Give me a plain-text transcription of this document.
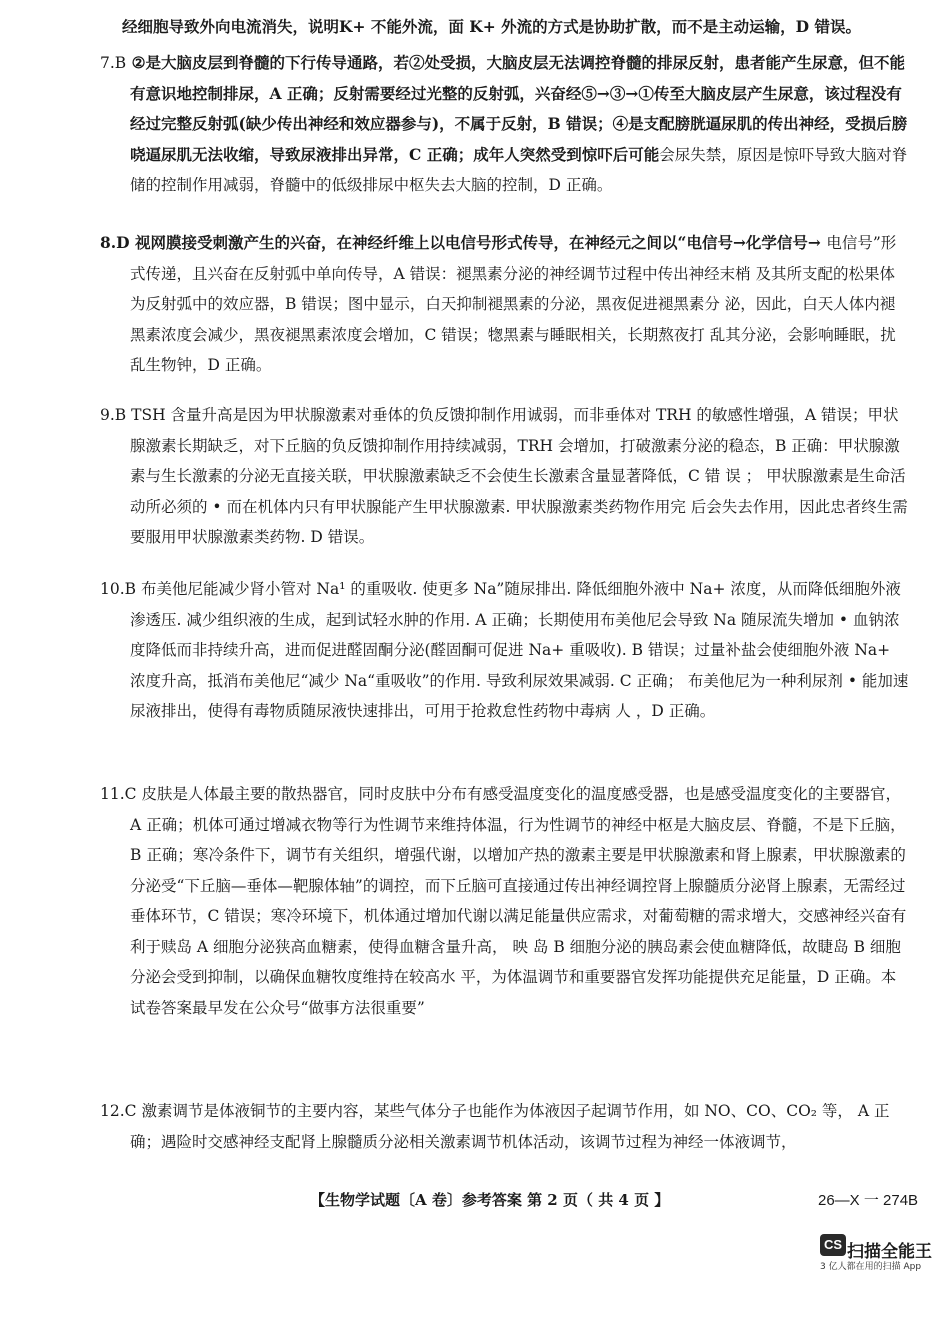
经细胞导致外向电流消失，说明K+ 不能外流，面 K+ 外流的方式是协助扩散，而不是主动运输，D 错误。

7.B ②是大脑皮层到脊髓的下行传导通路，若②处受损，大脑皮层无法调控脊髓的排尿反射，患者能产生尿意，但不能有意识地控制排尿，A 正确；反射需要经过光整的反射弧，兴奋经⑤→③→①传至大脑皮层产生尿意，该过程没有经过完整反射弧(缺少传出神经和效应器参与)，不属于反射，B 错误；④是支配膀胱逼尿肌的传出神经，受损后膀哓逼尿肌无法收缩，导致尿液排出异常，C 正确；成年人突然受到惊吓后可能会尿失禁，原因是惊吓导致大脑对脊储的控制作用减弱，脊髓中的低级排尿中枢失去大脑的控制，D 正确。

8.D 视网膜接受刺激产生的兴奋，在神经纤维上以电信号形式传导，在神经元之间以“电信号→化学信号→ 电信号”形式传递，且兴奋在反射弧中单向传导，A 错误：褪黑素分泌的神经调节过程中传出神经末梢 及其所支配的松果体为反射弧中的效应器，B 错误；图中显示，白天抑制褪黑素的分泌，黑夜促进褪黑素分 泌，因此，白天人体内褪黑素浓度会减少，黑夜褪黑素浓度会增加，C 错误；㹅黑素与睡眠相关，长期熬夜打 乱其分泌，会影响睡眠，扰乱生物钟，D 正确。

9.B TSH 含量升高是因为甲状腺激素对垂体的负反馈抑制作用诚弱，而非垂体对 TRH 的敏感性增强，A 错误；甲状腺激素长期缺乏，对下丘脑的负反馈抑制作用持续减弱，TRH 会增加，打破激素分泌的稳态，B 正确：甲状腺激素与生长激素的分泌无直接关联，甲状腺激素缺乏不会使生长激素含量显著降低，C 错 误 ； 甲状腺激素是生命活动所必须的 • 而在机体内只有甲状腺能产生甲状腺激素. 甲状腺激素类药物作用完 后会失去作用，因此忠者终生需要服用甲状腺激素类药物. D 错误。

10.B 布美他尼能减少肾小管对 Na¹ 的重吸收. 使更多 Na”随尿排出. 降低细胞外液中 Na+ 浓度，从而降低细胞外液渗透压. 减少组织液的生成，起到试轻水肿的作用. A 正确；长期使用布美他尼会导致 Na 随尿流失增加 • 血钠浓度降低而非持续升高，进而促进醛固酮分泌(醛固酮可促进 Na+ 重吸收). B 错误；过量补盐会使细胞外液 Na+ 浓度升高，抵消布美他尼“减少 Na“重吸收”的作用. 导致利尿效果减弱. C 正确； 布美他尼为一种利尿剂 • 能加速尿液排出，使得有毒物质随尿液快速排出，可用于抢救怠性药物中毒病 人 ，D 正确。

11.C 皮肤是人体最主要的散热器官，同时皮肤中分布有感受温度变化的温度感受器，也是感受温度变化的主要器官，A 正确；机体可通过增减衣物等行为性调节来维持体温，行为性调节的神经中枢是大脑皮层、脊髓，不是下丘脑，B 正确；寒冷条件下，调节有关组织，增强代谢，以增加产热的激素主要是甲状腺激素和肾上腺素，甲状腺激素的分泌受“下丘脑—垂体—靶腺体轴”的调控，而下丘脑可直接通过传出神经调控肾上腺髓质分泌肾上腺素，无需经过垂体环节，C 错误；寒冷环境下，机体通过增加代谢以满足能量供应需求，对葡萄糖的需求增大，交感神经兴奋有利于赎岛 A 细胞分泌狭高血糖素，使得血糖含量升高， 映 岛 B 细胞分泌的胰岛素会使血糖降低，故睫岛 B 细胞分泌会受到抑制，以确保血糖牧度维持在较高水 平，为体温调节和重要器官发挥功能提供充足能量，D 正确。本试卷答案最早发在公众号“做事方法很重要”

12.C 激素调节是体液铜节的主要内容，某些气体分子也能作为体液因子起调节作用，如 NO、CO、CO₂ 等， A 正确；遇险时交感神经支配肾上腺髓质分泌相关激素调节机体活动，该调节过程为神经一体液调节，

【生物学试题〔A 卷〕参考答案 第 2 页（ 共 4 页 】	26—X 一 274B
CS 扫描全能王
3 亿人都在用的扫描 App
